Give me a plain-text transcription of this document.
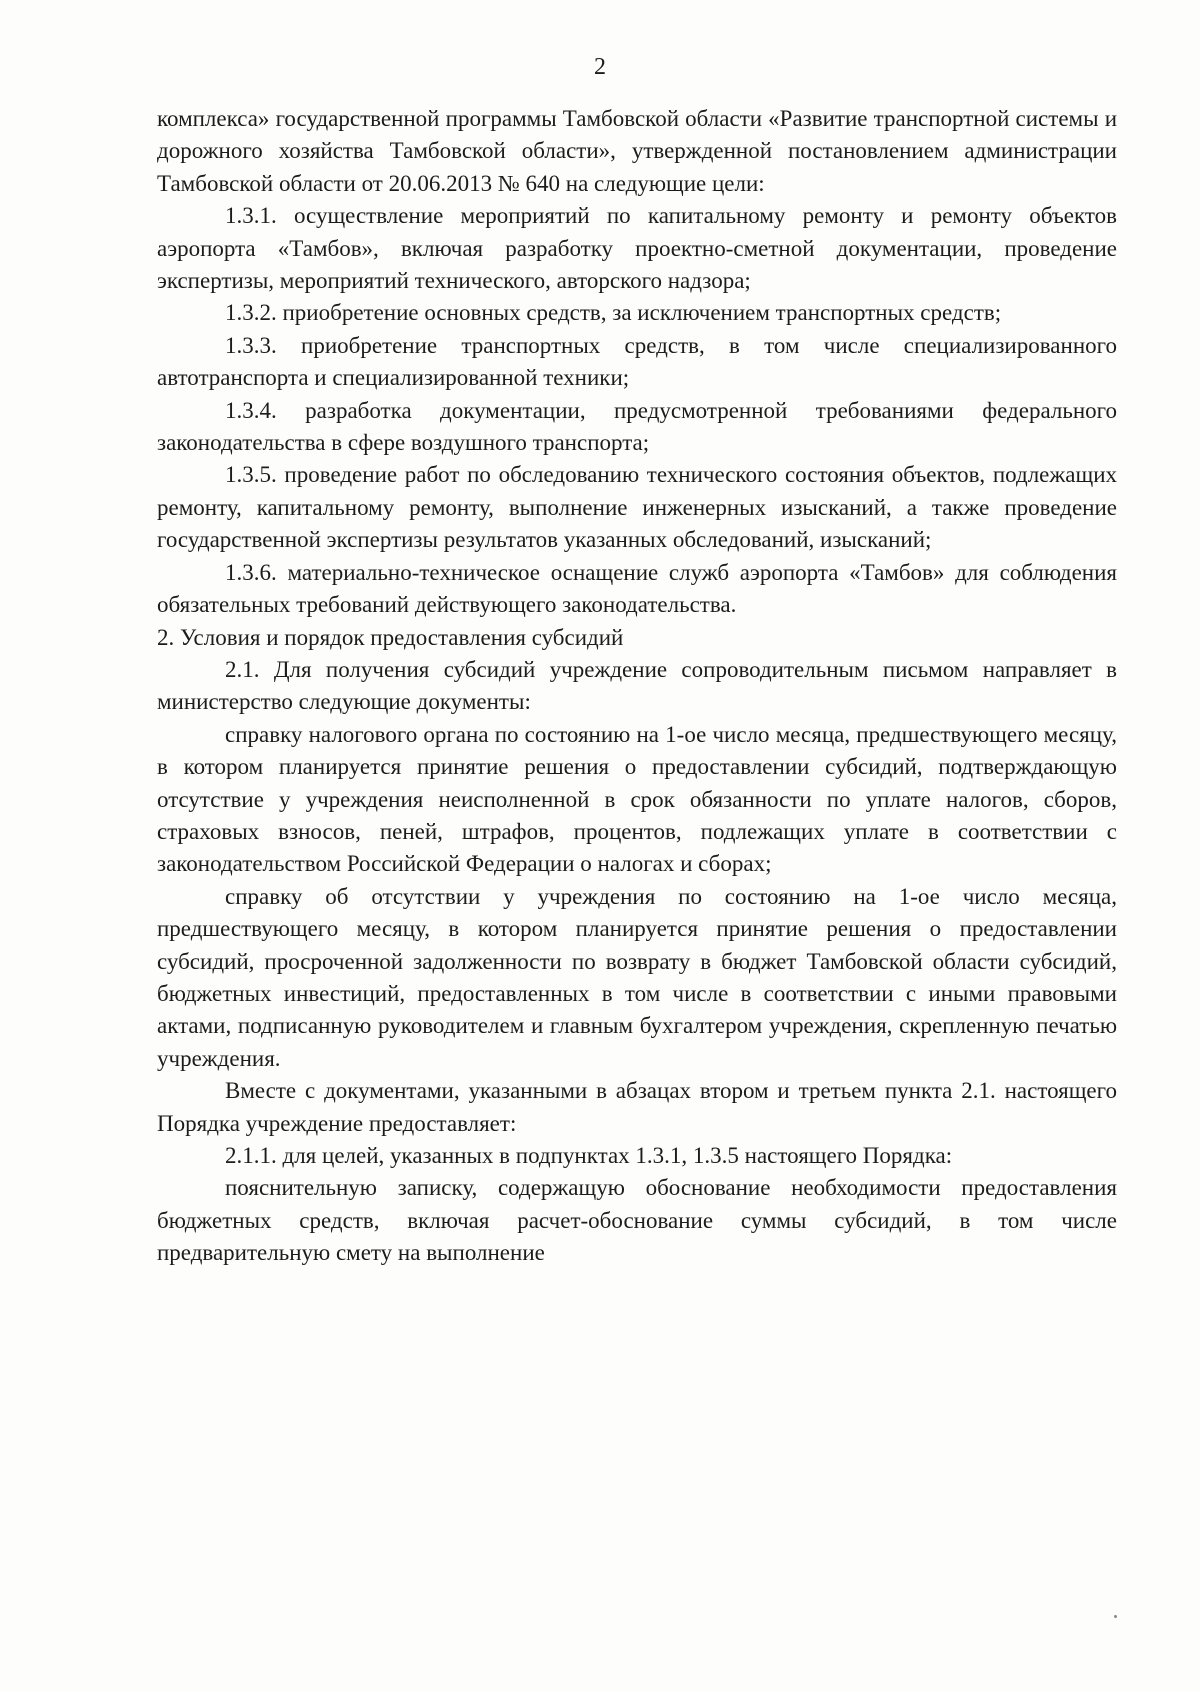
2

комплекса» государственной программы Тамбовской области «Развитие транспортной системы и дорожного хозяйства Тамбовской области», утвержденной постановлением администрации Тамбовской области от 20.06.2013 № 640 на следующие цели:

1.3.1. осуществление мероприятий по капитальному ремонту и ремонту объектов аэропорта «Тамбов», включая разработку проектно-сметной документации, проведение экспертизы, мероприятий технического, авторского надзора;

1.3.2. приобретение основных средств, за исключением транспортных средств;

1.3.3. приобретение транспортных средств, в том числе специализированного автотранспорта и специализированной техники;

1.3.4. разработка документации, предусмотренной требованиями федерального законодательства в сфере воздушного транспорта;

1.3.5. проведение работ по обследованию технического состояния объектов, подлежащих ремонту, капитальному ремонту, выполнение инженерных изысканий, а также проведение государственной экспертизы результатов указанных обследований, изысканий;

1.3.6. материально-техническое оснащение служб аэропорта «Тамбов» для соблюдения обязательных требований действующего законодательства.

2. Условия и порядок предоставления субсидий

2.1. Для получения субсидий учреждение сопроводительным письмом направляет в министерство следующие документы:

справку налогового органа по состоянию на 1-ое число месяца, предшествующего месяцу, в котором планируется принятие решения о предоставлении субсидий, подтверждающую отсутствие у учреждения неисполненной в срок обязанности по уплате налогов, сборов, страховых взносов, пеней, штрафов, процентов, подлежащих уплате в соответствии с законодательством Российской Федерации о налогах и сборах;

справку об отсутствии у учреждения по состоянию на 1-ое число месяца, предшествующего месяцу, в котором планируется принятие решения о предоставлении субсидий, просроченной задолженности по возврату в бюджет Тамбовской области субсидий, бюджетных инвестиций, предоставленных в том числе в соответствии с иными правовыми актами, подписанную руководителем и главным бухгалтером учреждения, скрепленную печатью учреждения.

Вместе с документами, указанными в абзацах втором и третьем пункта 2.1. настоящего Порядка учреждение предоставляет:

2.1.1. для целей, указанных в подпунктах 1.3.1, 1.3.5 настоящего Порядка:

пояснительную записку, содержащую обоснование необходимости предоставления бюджетных средств, включая расчет-обоснование суммы субсидий, в том числе предварительную смету на выполнение
